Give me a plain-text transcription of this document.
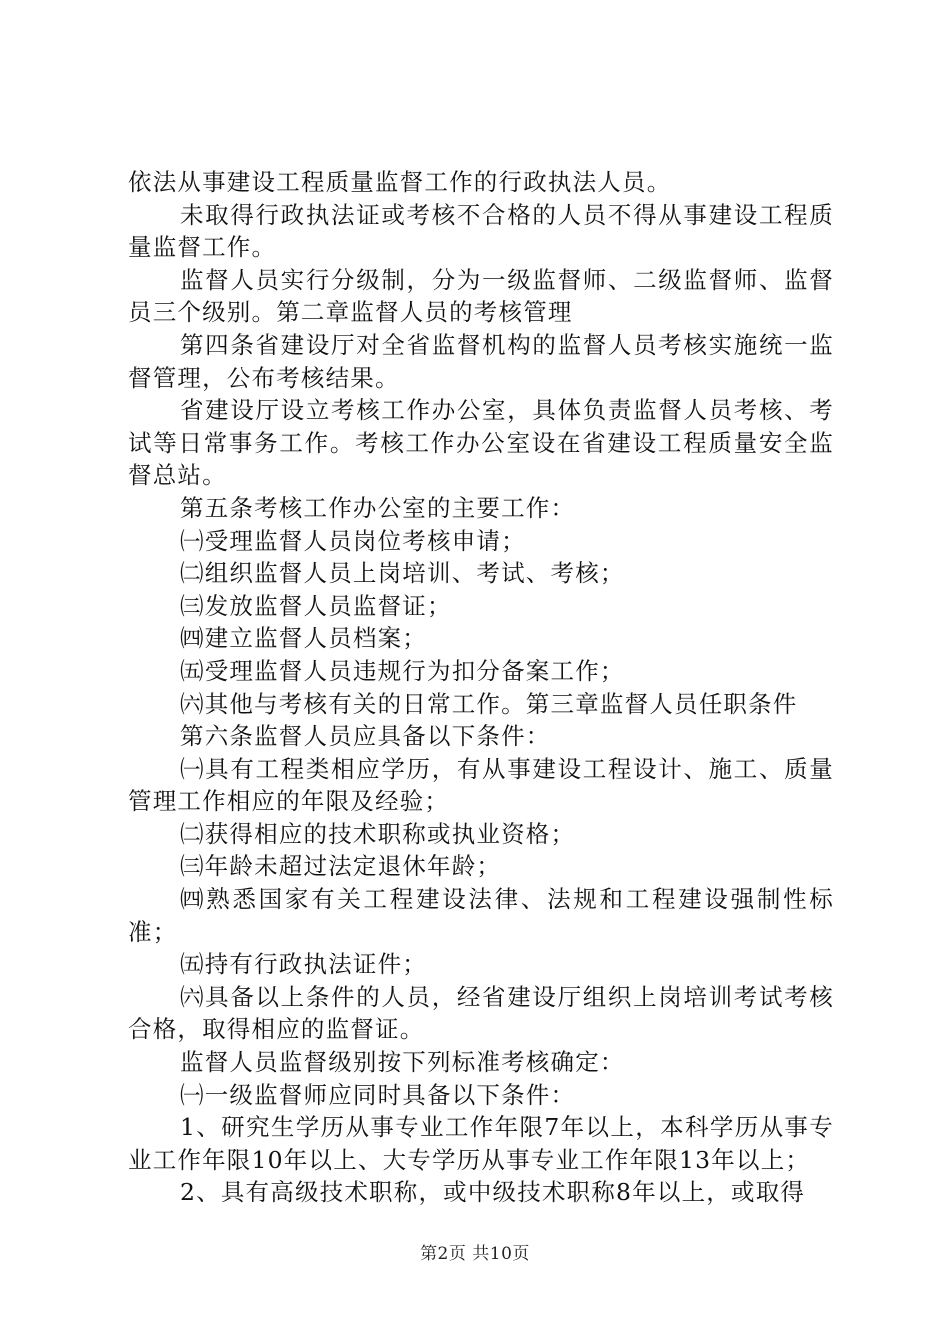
依法从事建设工程质量监督工作的行政执法人员。

未取得行政执法证或考核不合格的人员不得从事建设工程质量监督工作。

监督人员实行分级制，分为一级监督师、二级监督师、监督员三个级别。第二章监督人员的考核管理

第四条省建设厅对全省监督机构的监督人员考核实施统一监督管理，公布考核结果。

省建设厅设立考核工作办公室，具体负责监督人员考核、考试等日常事务工作。考核工作办公室设在省建设工程质量安全监督总站。

第五条考核工作办公室的主要工作：

㈠受理监督人员岗位考核申请；

㈡组织监督人员上岗培训、考试、考核；

㈢发放监督人员监督证；

㈣建立监督人员档案；

㈤受理监督人员违规行为扣分备案工作；

㈥其他与考核有关的日常工作。第三章监督人员任职条件

第六条监督人员应具备以下条件：

㈠具有工程类相应学历，有从事建设工程设计、施工、质量管理工作相应的年限及经验；

㈡获得相应的技术职称或执业资格；

㈢年龄未超过法定退休年龄；

㈣熟悉国家有关工程建设法律、法规和工程建设强制性标准；

㈤持有行政执法证件；

㈥具备以上条件的人员，经省建设厅组织上岗培训考试考核合格，取得相应的监督证。

监督人员监督级别按下列标准考核确定：

㈠一级监督师应同时具备以下条件：

1、研究生学历从事专业工作年限7年以上，本科学历从事专业工作年限10年以上、大专学历从事专业工作年限13年以上；

2、具有高级技术职称，或中级技术职称8年以上，或取得

第2页 共10页
